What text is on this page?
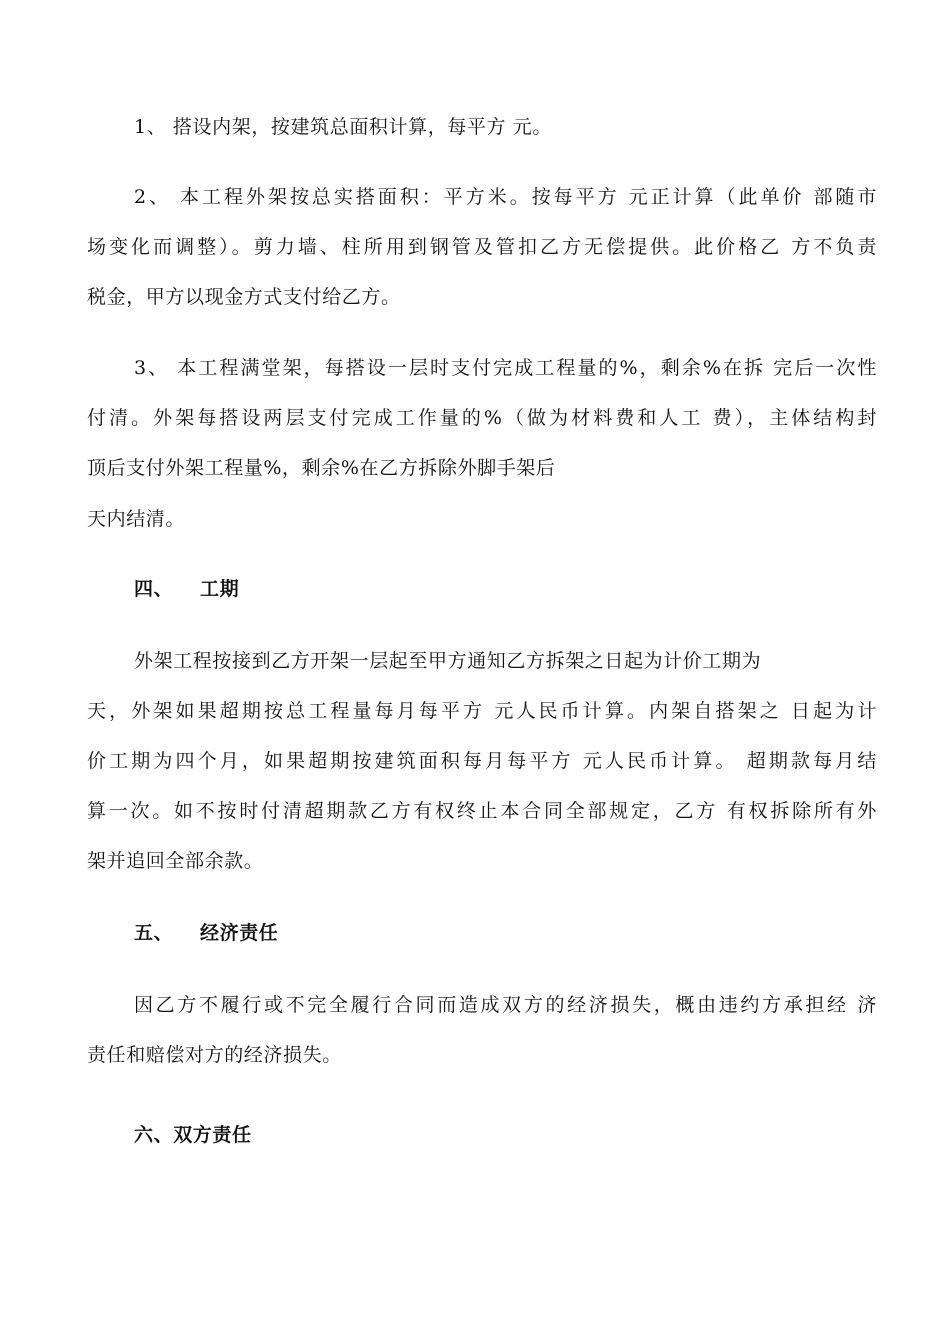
1、 搭设内架，按建筑总面积计算，每平方 元。
2、 本工程外架按总实搭面积：平方米。按每平方 元正计算（此单价 部随市
场变化而调整）。剪力墙、柱所用到钢管及管扣乙方无偿提供。此价格乙 方不负责
税金，甲方以现金方式支付给乙方。
3、 本工程满堂架，每搭设一层时支付完成工程量的%，剩余%在拆 完后一次性
付清。外架每搭设两层支付完成工作量的%（做为材料费和人工 费），主体结构封
顶后支付外架工程量%，剩余%在乙方拆除外脚手架后
天内结清。
四、 工期
外架工程按接到乙方开架一层起至甲方通知乙方拆架之日起为计价工期为
天，外架如果超期按总工程量每月每平方 元人民币计算。内架自搭架之 日起为计
价工期为四个月，如果超期按建筑面积每月每平方 元人民币计算。 超期款每月结
算一次。如不按时付清超期款乙方有权终止本合同全部规定，乙方 有权拆除所有外
架并追回全部余款。
五、 经济责任
因乙方不履行或不完全履行合同而造成双方的经济损失，概由违约方承担经 济
责任和赔偿对方的经济损失。
六、双方责任
